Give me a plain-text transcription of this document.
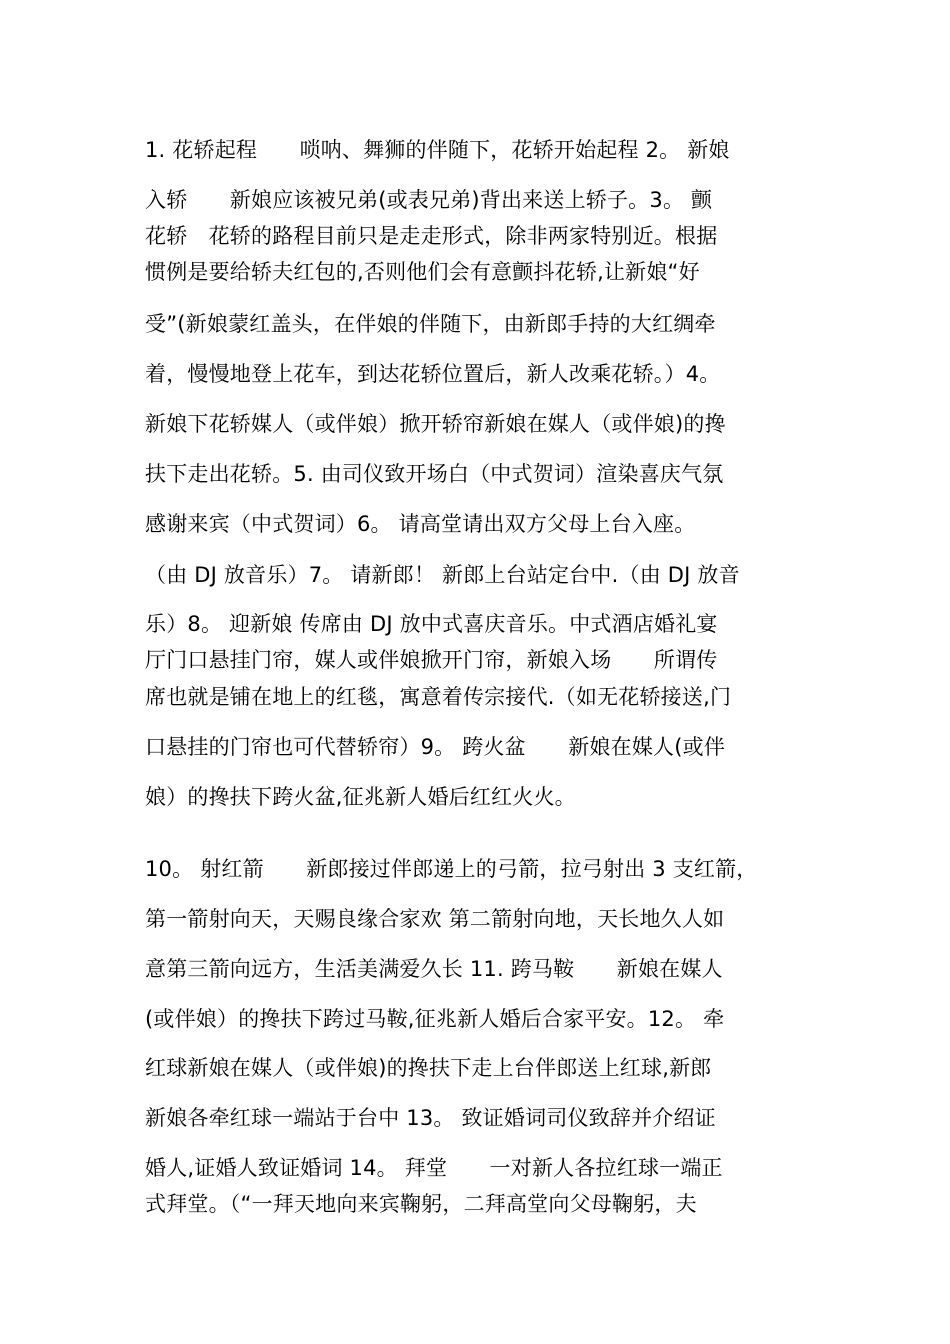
1. 花轿起程　　唢呐、舞狮的伴随下，花轿开始起程 2。 新娘
入轿　　新娘应该被兄弟(或表兄弟)背出来送上轿子。3。 颤
花轿　花轿的路程目前只是走走形式，除非两家特别近。根据
惯例是要给轿夫红包的,否则他们会有意颤抖花轿,让新娘“好
受”(新娘蒙红盖头，在伴娘的伴随下，由新郎手持的大红绸牵
着，慢慢地登上花车，到达花轿位置后，新人改乘花轿。）4。
新娘下花轿媒人（或伴娘）掀开轿帘新娘在媒人（或伴娘)的搀
扶下走出花轿。5. 由司仪致开场白（中式贺词）渲染喜庆气氛
感谢来宾（中式贺词）6。 请高堂请出双方父母上台入座。
（由 DJ 放音乐）7。 请新郎！ 新郎上台站定台中.（由 DJ 放音
乐）8。 迎新娘 传席由 DJ 放中式喜庆音乐。中式酒店婚礼宴
厅门口悬挂门帘，媒人或伴娘掀开门帘，新娘入场　　所谓传
席也就是铺在地上的红毯，寓意着传宗接代.（如无花轿接送,门
口悬挂的门帘也可代替轿帘）9。 跨火盆　　新娘在媒人(或伴
娘）的搀扶下跨火盆,征兆新人婚后红红火火。
10。 射红箭　　新郎接过伴郎递上的弓箭，拉弓射出 3 支红箭，
第一箭射向天，天赐良缘合家欢 第二箭射向地，天长地久人如
意第三箭向远方，生活美满爱久长 11. 跨马鞍　　新娘在媒人
(或伴娘）的搀扶下跨过马鞍,征兆新人婚后合家平安。12。 牵
红球新娘在媒人（或伴娘)的搀扶下走上台伴郎送上红球,新郎
新娘各牵红球一端站于台中 13。 致证婚词司仪致辞并介绍证
婚人,证婚人致证婚词 14。 拜堂　　一对新人各拉红球一端正
式拜堂。（“一拜天地向来宾鞠躬，二拜高堂向父母鞠躬，夫
